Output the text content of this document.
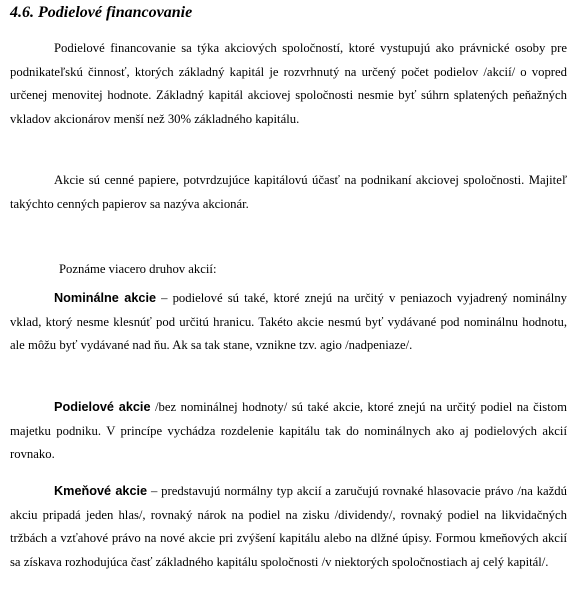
4.6. Podielové financovanie

Podielové financovanie sa týka akciových spoločností, ktoré vystupujú ako právnické osoby pre podnikateľskú činnosť, ktorých základný kapitál je rozvrhnutý na určený počet podielov /akcií/ o vopred určenej menovitej hodnote. Základný kapitál akciovej spoločnosti nesmie byť súhrn splatených peňažných vkladov akcionárov menší než 30% základného kapitálu.

Akcie sú cenné papiere, potvrdzujúce kapitálovú účasť na podnikaní akciovej spoločnosti. Majiteľ takýchto cenných papierov sa nazýva akcionár.

Poznáme viacero druhov akcií:

Nominálne akcie – podielové sú také, ktoré znejú na určitý v peniazoch vyjadrený nominálny vklad, ktorý nesme klesnúť pod určitú hranicu. Takéto akcie nesmú byť vydávané pod nominálnu hodnotu, ale môžu byť vydávané nad ňu. Ak sa tak stane, vznikne tzv. agio /nadpeniaze/.

Podielové akcie /bez nominálnej hodnoty/ sú také akcie, ktoré znejú na určitý podiel na čistom majetku podniku. V princípe vychádza rozdelenie kapitálu tak do nominálnych ako aj podielových akcií rovnako.

Kmeňové akcie – predstavujú normálny typ akcií a zaručujú rovnaké hlasovacie právo /na každú akciu pripadá jeden hlas/, rovnaký nárok na podiel na zisku /dividendy/, rovnaký podiel na likvidačných tržbách a vzťahové právo na nové akcie pri zvýšení kapitálu alebo na dlžné úpisy. Formou kmeňových akcií sa získava rozhodujúca časť základného kapitálu spoločnosti /v niektorých spoločnostiach aj celý kapitál/.
